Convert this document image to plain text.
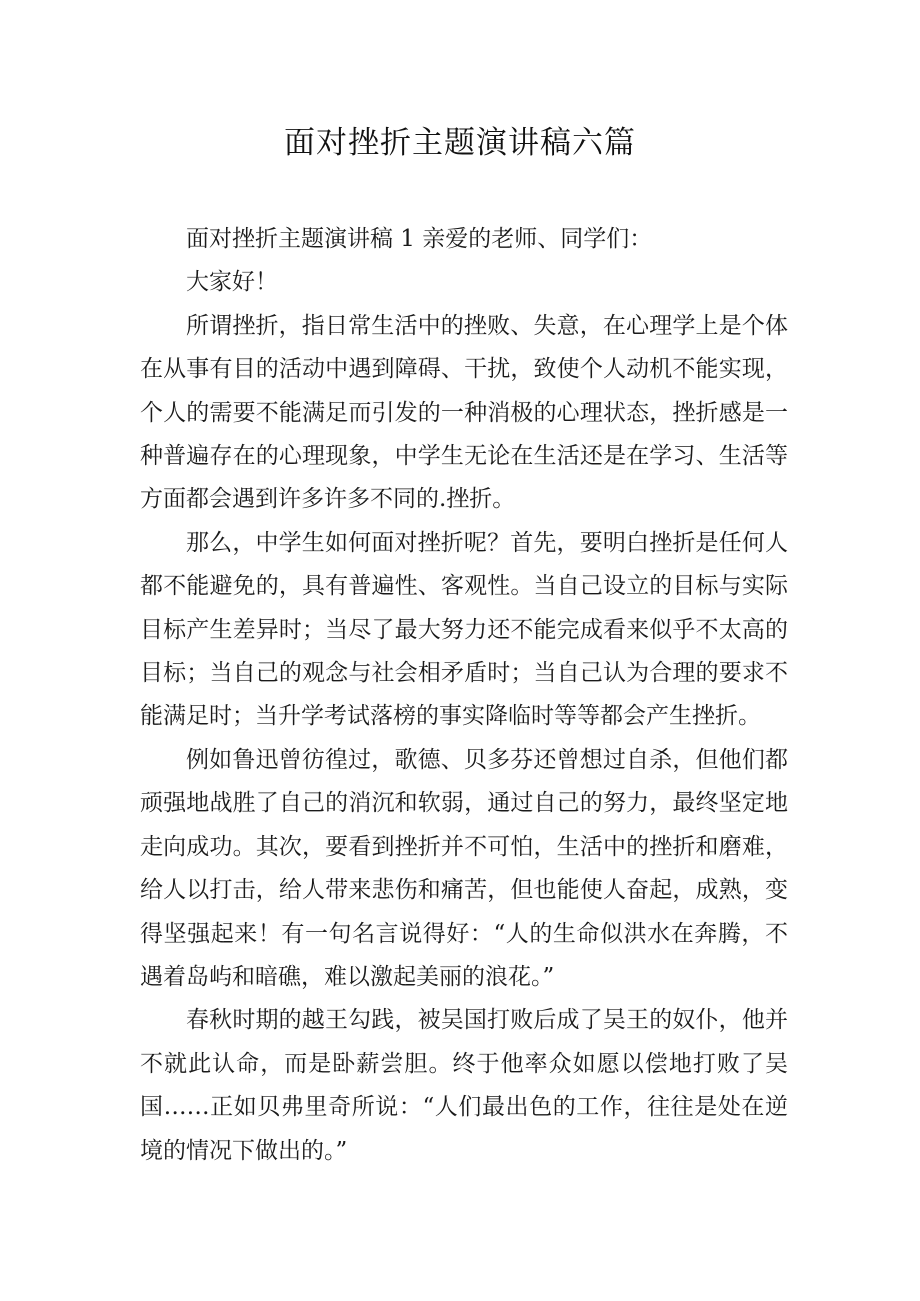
面对挫折主题演讲稿六篇

面对挫折主题演讲稿 1 亲爱的老师、同学们：

大家好！

所谓挫折，指日常生活中的挫败、失意，在心理学上是个体在从事有目的活动中遇到障碍、干扰，致使个人动机不能实现，个人的需要不能满足而引发的一种消极的心理状态，挫折感是一种普遍存在的心理现象，中学生无论在生活还是在学习、生活等方面都会遇到许多许多不同的.挫折。

那么，中学生如何面对挫折呢？首先，要明白挫折是任何人都不能避免的，具有普遍性、客观性。当自己设立的目标与实际目标产生差异时；当尽了最大努力还不能完成看来似乎不太高的目标；当自己的观念与社会相矛盾时；当自己认为合理的要求不能满足时；当升学考试落榜的事实降临时等等都会产生挫折。

例如鲁迅曾彷徨过，歌德、贝多芬还曾想过自杀，但他们都顽强地战胜了自己的消沉和软弱，通过自己的努力，最终坚定地走向成功。其次，要看到挫折并不可怕，生活中的挫折和磨难，给人以打击，给人带来悲伤和痛苦，但也能使人奋起，成熟，变得坚强起来！有一句名言说得好：“人的生命似洪水在奔腾，不遇着岛屿和暗礁，难以激起美丽的浪花。”

春秋时期的越王勾践，被吴国打败后成了吴王的奴仆，他并不就此认命，而是卧薪尝胆。终于他率众如愿以偿地打败了吴国……正如贝弗里奇所说：“人们最出色的工作，往往是处在逆境的情况下做出的。”
